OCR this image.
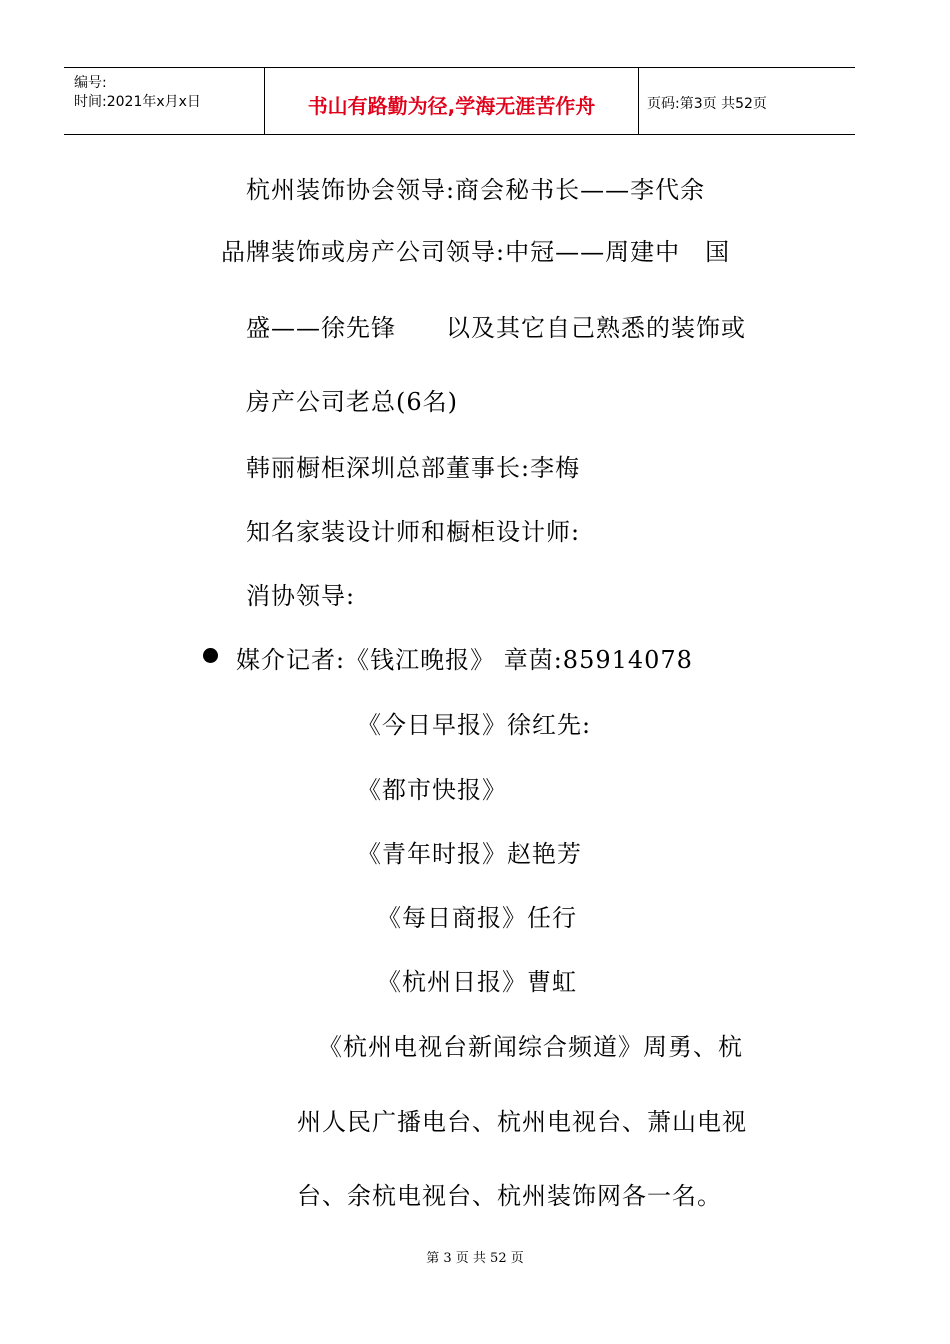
编号:
时间:2021年x月x日	书山有路勤为径,学海无涯苦作舟	页码:第3页 共52页
杭州装饰协会领导:商会秘书长——李代余
品牌装饰或房产公司领导:中冠——周建中　国
盛——徐先锋　　以及其它自己熟悉的装饰或
房产公司老总(6名)
韩丽橱柜深圳总部董事长:李梅
知名家装设计师和橱柜设计师:
消协领导:
媒介记者:《钱江晚报》 章茵:85914078
《今日早报》徐红先:
《都市快报》
《青年时报》赵艳芳
《每日商报》任行
《杭州日报》曹虹
《杭州电视台新闻综合频道》周勇、杭
州人民广播电台、杭州电视台、萧山电视
台、余杭电视台、杭州装饰网各一名。
第 3 页 共 52 页
